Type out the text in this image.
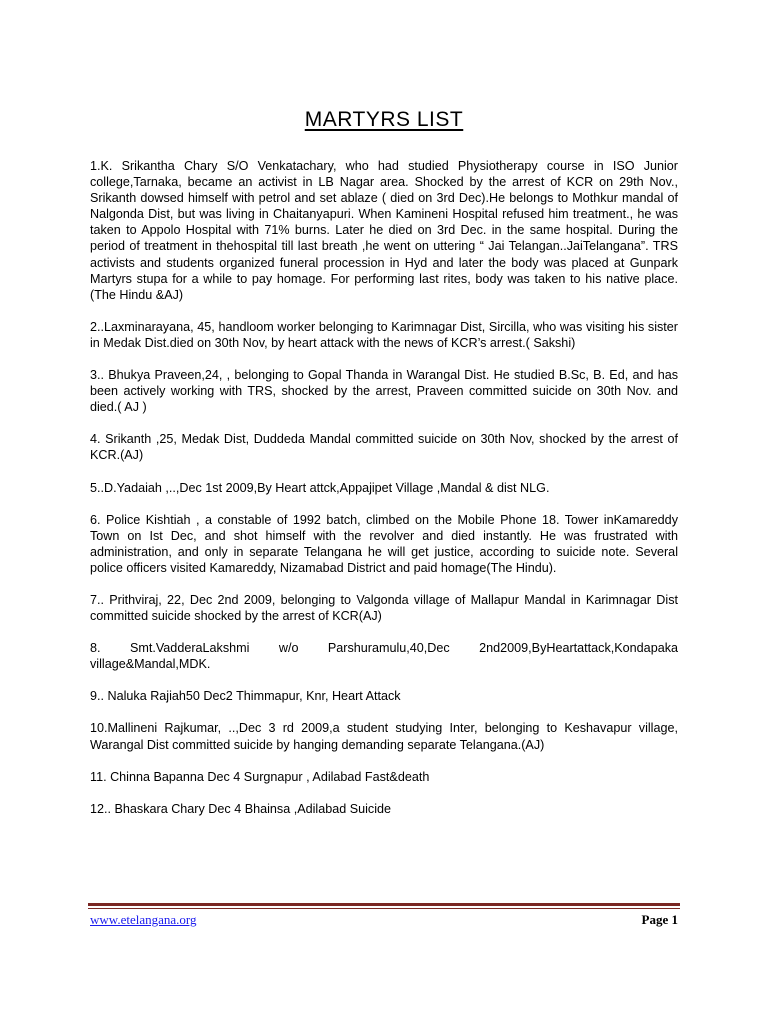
MARTYRS LIST

1.K. Srikantha Chary S/O Venkatachary, who had studied Physiotherapy course in ISO Junior college,Tarnaka, became an activist in LB Nagar area. Shocked by the arrest of KCR on 29th Nov., Srikanth dowsed himself with petrol and set ablaze ( died on 3rd Dec).He belongs to Mothkur mandal of Nalgonda Dist, but was living in Chaitanyapuri. When Kamineni Hospital refused him treatment., he was taken to Appolo Hospital with 71% burns. Later he died on 3rd Dec. in the same hospital. During the period of treatment in thehospital till last breath ,he went on uttering “ Jai Telangan..JaiTelangana”. TRS activists and students organized funeral procession in Hyd and later the body was placed at Gunpark Martyrs stupa for a while to pay homage. For performing last rites, body was taken to his native place. (The Hindu &AJ)

2..Laxminarayana, 45, handloom worker belonging to Karimnagar Dist, Sircilla, who was visiting his sister in Medak Dist.died on 30th Nov, by heart attack with the news of KCR’s arrest.( Sakshi)

3.. Bhukya Praveen,24, , belonging to Gopal Thanda in Warangal Dist. He studied B.Sc, B. Ed, and has been actively working with TRS, shocked by the arrest, Praveen committed suicide on 30th Nov. and died.( AJ )

4. Srikanth ,25, Medak Dist, Duddeda Mandal committed suicide on 30th Nov, shocked by the arrest of KCR.(AJ)

5..D.Yadaiah ,..,Dec 1st 2009,By Heart attck,Appajipet Village ,Mandal & dist NLG.

6. Police Kishtiah , a constable of 1992 batch, climbed on the Mobile Phone 18. Tower inKamareddy Town on Ist Dec, and shot himself with the revolver and died instantly. He was frustrated with administration, and only in separate Telangana he will get justice, according to suicide note. Several police officers visited Kamareddy, Nizamabad District and paid homage(The Hindu).

7.. Prithviraj, 22, Dec 2nd 2009, belonging to Valgonda village of Mallapur Mandal in Karimnagar Dist committed suicide shocked by the arrest of KCR(AJ)

8. Smt.VadderaLakshmi w/o Parshuramulu,40,Dec 2nd2009,ByHeartattack,Kondapaka village&Mandal,MDK.

9.. Naluka Rajiah50 Dec2 Thimmapur, Knr, Heart Attack

10.Mallineni Rajkumar, ..,Dec 3 rd 2009,a student studying Inter, belonging to Keshavapur village, Warangal Dist committed suicide by hanging demanding separate Telangana.(AJ)

11. Chinna Bapanna Dec 4 Surgnapur , Adilabad Fast&death

12.. Bhaskara Chary Dec 4 Bhainsa ,Adilabad Suicide

www.etelangana.org	Page 1
